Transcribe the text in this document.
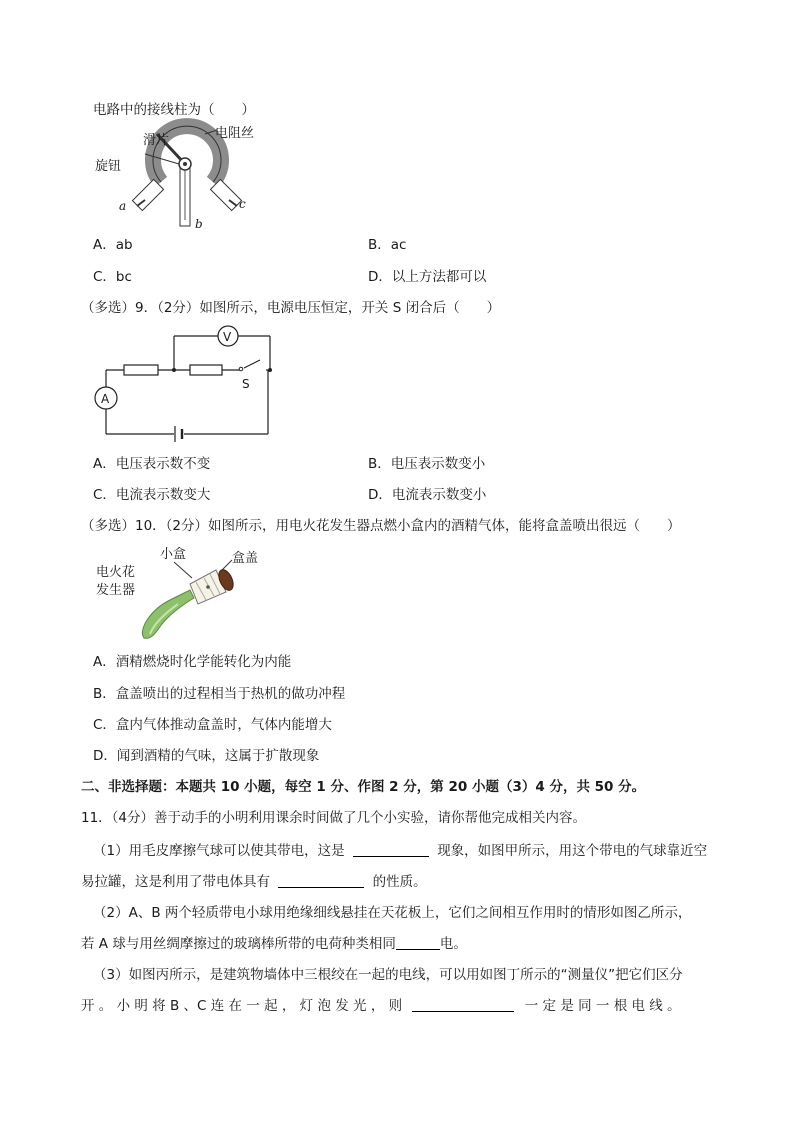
电路中的接线柱为（　　）
滑片	电阻丝
旋钮
a
b
c
A．ab	B．ac
C．bc	D．以上方法都可以
（多选）9．（2分）如图所示，电源电压恒定，开关 S 闭合后（　　）
V
A
S
A．电压表示数不变	B．电压表示数变小
C．电流表示数变大	D．电流表示数变小
（多选）10．（2分）如图所示，用电火花发生器点燃小盒内的酒精气体，能将盒盖喷出很远（　　）
小盒	盒盖
电火花
发生器
A．酒精燃烧时化学能转化为内能
B．盒盖喷出的过程相当于热机的做功冲程
C．盒内气体推动盒盖时，气体内能增大
D．闻到酒精的气味，这属于扩散现象
二、非选择题：本题共 10 小题，每空 1 分、作图 2 分，第 20 小题（3）4 分，共 50 分。
11．（4分）善于动手的小明利用课余时间做了几个小实验，请你帮他完成相关内容。
（1）用毛皮摩擦气球可以使其带电，这是	现象，如图甲所示，用这个带电的气球靠近空
易拉罐，这是利用了带电体具有	的性质。
（2）A、B 两个轻质带电小球用绝缘细线悬挂在天花板上，它们之间相互作用时的情形如图乙所示，
若 A 球与用丝绸摩擦过的玻璃棒所带的电荷种类相同	电。
（3）如图丙所示，是建筑物墙体中三根绞在一起的电线，可以用如图丁所示的“测量仪”把它们区分
开 。 小 明 将 B 、C 连 在 一 起 ， 灯 泡 发 光 ， 则	一 定 是 同 一 根 电 线 。
